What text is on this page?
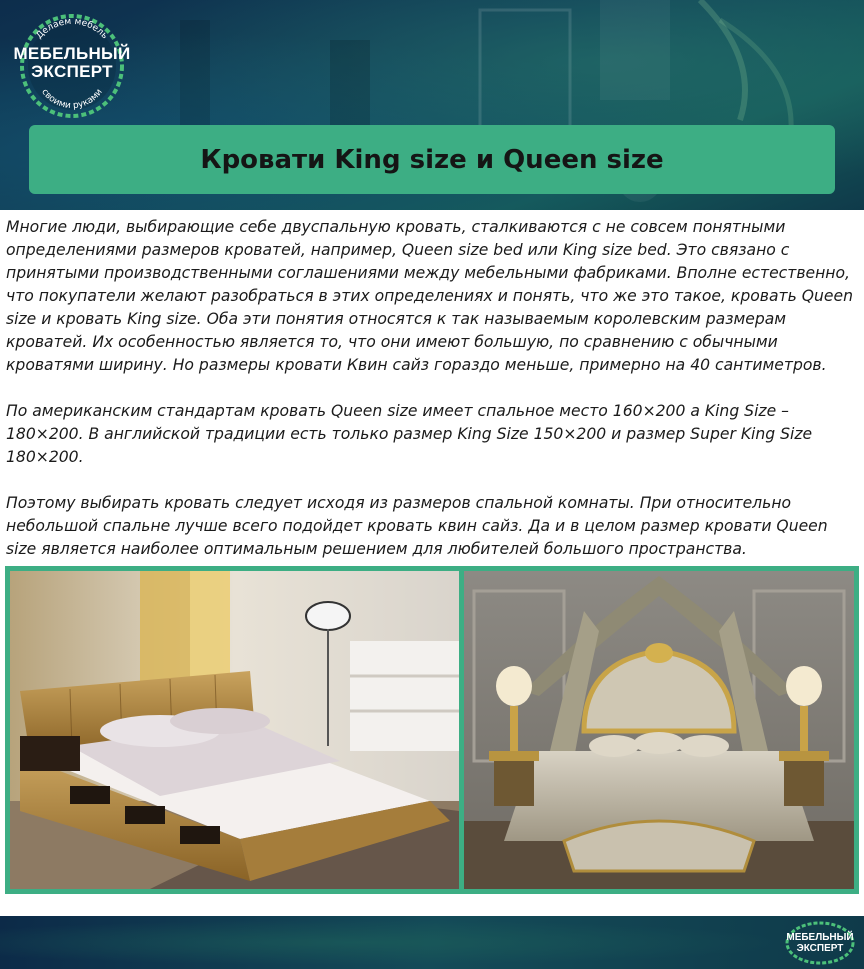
Делаем мебель
своими руками
МЕБЕЛЬНЫЙ
ЭКСПЕРТ
Кровати King size и Queen size

Многие люди, выбирающие себе двуспальную кровать, сталкиваются с не совсем понятными определениями размеров кроватей, например, Queen size bed или King size bed. Это связано с принятыми производственными соглашениями между мебельными фабриками. Вполне естественно, что покупатели желают разобраться в этих определениях и понять, что же это такое, кровать Queen size и кровать King size. Оба эти понятия относятся к так называемым королевским размерам кроватей. Их особенностью является то, что они имеют большую, по сравнению с обычными кроватями ширину. Но размеры кровати Квин сайз гораздо меньше, примерно на 40 сантиметров.

По американским стандартам кровать Queen size имеет спальное место 160×200 а King Size – 180×200. В английской традиции есть только размер King Size 150×200 и размер Super King Size 180×200.

Поэтому выбирать кровать следует исходя из размеров спальной комнаты. При относительно небольшой спальне лучше всего подойдет кровать квин сайз. Да и в целом размер кровати Queen size является наиболее оптимальным решением для любителей большого пространства.

МЕБЕЛЬНЫЙ
ЭКСПЕРТ
